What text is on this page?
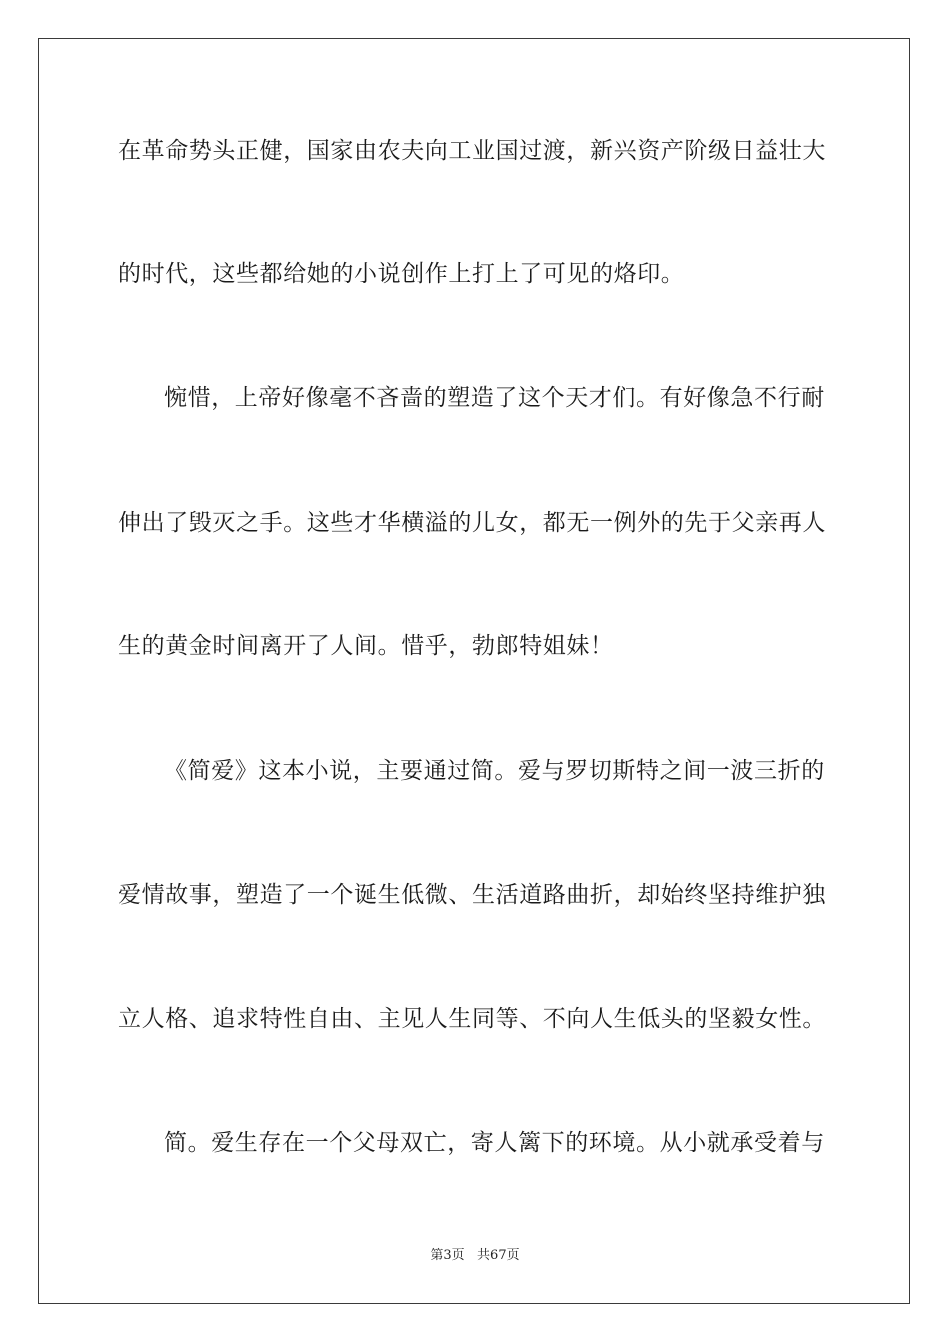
在革命势头正健，国家由农夫向工业国过渡，新兴资产阶级日益壮大
的时代，这些都给她的小说创作上打上了可见的烙印。
惋惜，上帝好像毫不吝啬的塑造了这个天才们。有好像急不行耐
伸出了毁灭之手。这些才华横溢的儿女，都无一例外的先于父亲再人
生的黄金时间离开了人间。惜乎，勃郎特姐妹！
《简爱》这本小说，主要通过简。爱与罗切斯特之间一波三折的
爱情故事，塑造了一个诞生低微、生活道路曲折，却始终坚持维护独
立人格、追求特性自由、主见人生同等、不向人生低头的坚毅女性。
简。爱生存在一个父母双亡，寄人篱下的环境。从小就承受着与
第3页   共67页
